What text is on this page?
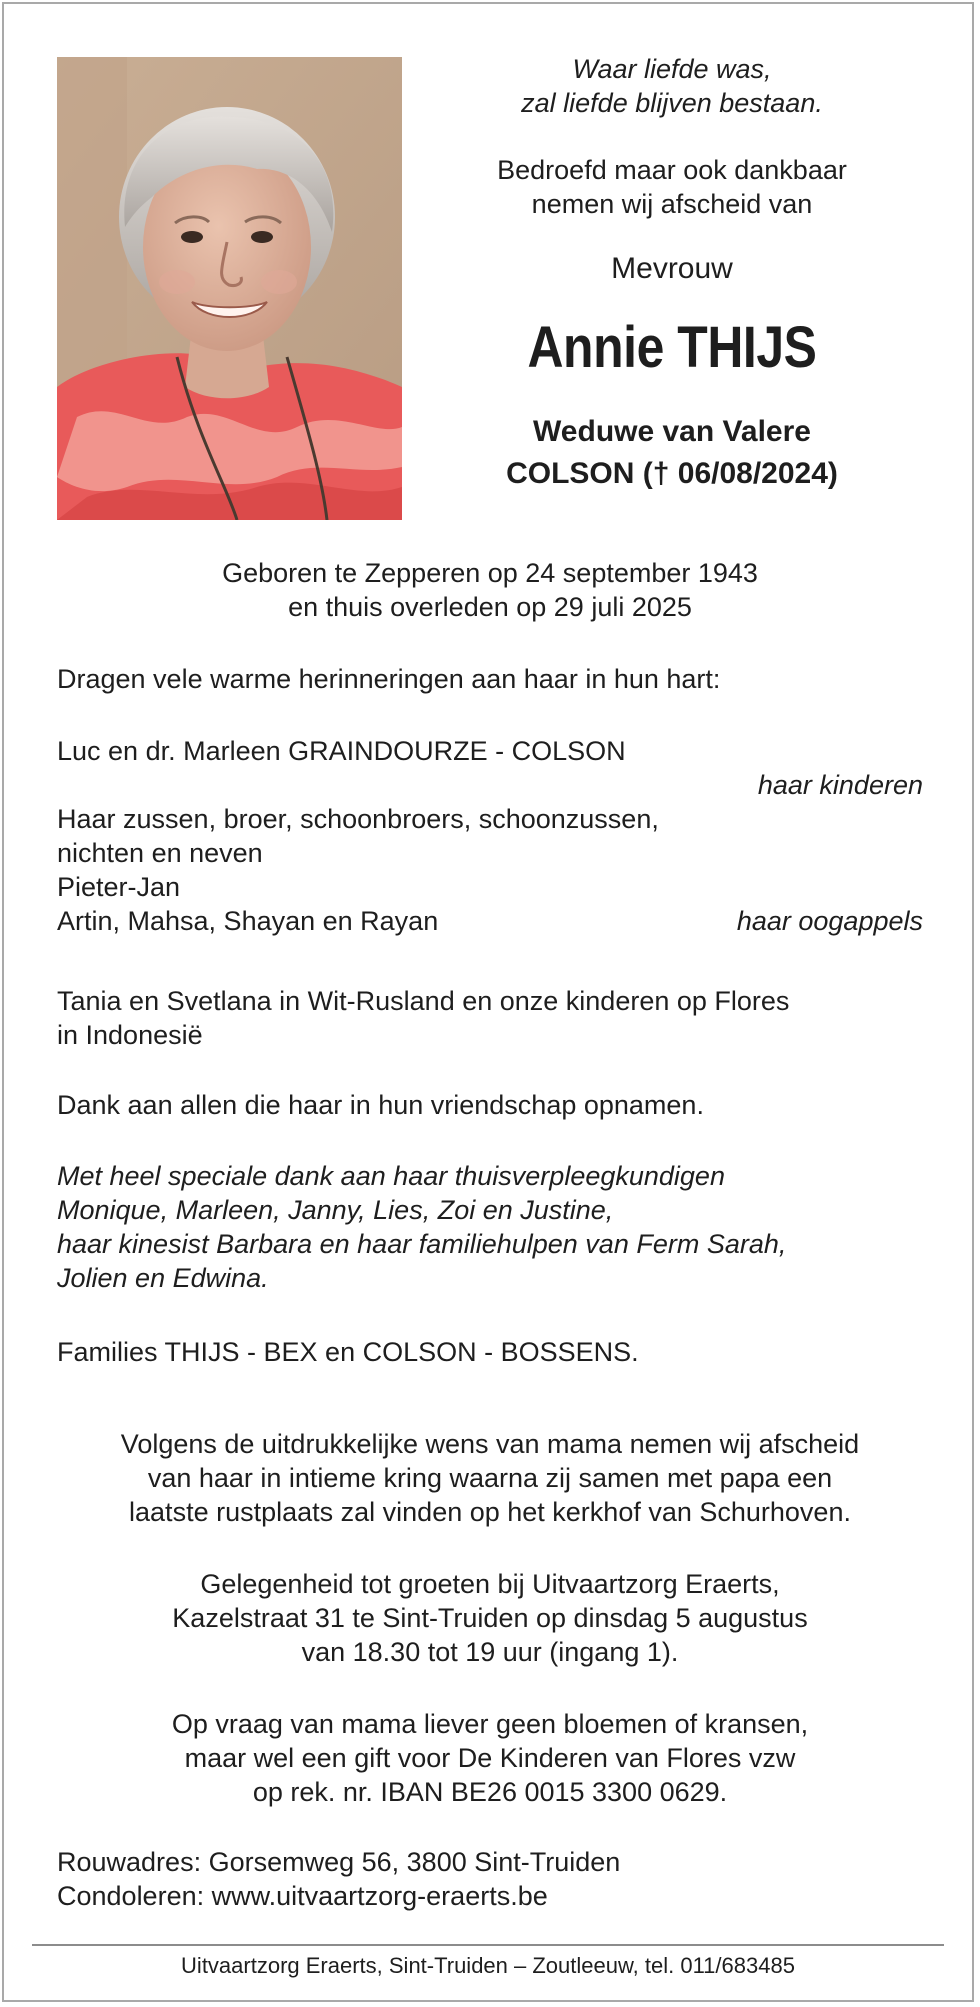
Waar liefde was,
zal liefde blijven bestaan.
Bedroefd maar ook dankbaar
nemen wij afscheid van
Mevrouw
Annie THIJS
Weduwe van Valere
COLSON († 06/08/2024)
Geboren te Zepperen op 24 september 1943
en thuis overleden op 29 juli 2025
Dragen vele warme herinneringen aan haar in hun hart:
Luc en dr. Marleen GRAINDOURZE - COLSON
haar kinderen
Haar zussen, broer, schoonbroers, schoonzussen,
nichten en neven
Pieter-Jan
Artin, Mahsa, Shayan en Rayan	haar oogappels
Tania en Svetlana in Wit-Rusland en onze kinderen op Flores
in Indonesië
Dank aan allen die haar in hun vriendschap opnamen.
Met heel speciale dank aan haar thuisverpleegkundigen
Monique, Marleen, Janny, Lies, Zoi en Justine,
haar kinesist Barbara en haar familiehulpen van Ferm Sarah,
Jolien en Edwina.
Families THIJS - BEX en COLSON - BOSSENS.
Volgens de uitdrukkelijke wens van mama nemen wij afscheid
van haar in intieme kring waarna zij samen met papa een
laatste rustplaats zal vinden op het kerkhof van Schurhoven.
Gelegenheid tot groeten bij Uitvaartzorg Eraerts,
Kazelstraat 31 te Sint-Truiden op dinsdag 5 augustus
van 18.30 tot 19 uur (ingang 1).
Op vraag van mama liever geen bloemen of kransen,
maar wel een gift voor De Kinderen van Flores vzw
op rek. nr. IBAN BE26 0015 3300 0629.
Rouwadres: Gorsemweg 56, 3800 Sint-Truiden
Condoleren: www.uitvaartzorg-eraerts.be
Uitvaartzorg Eraerts, Sint-Truiden – Zoutleeuw, tel. 011/683485
